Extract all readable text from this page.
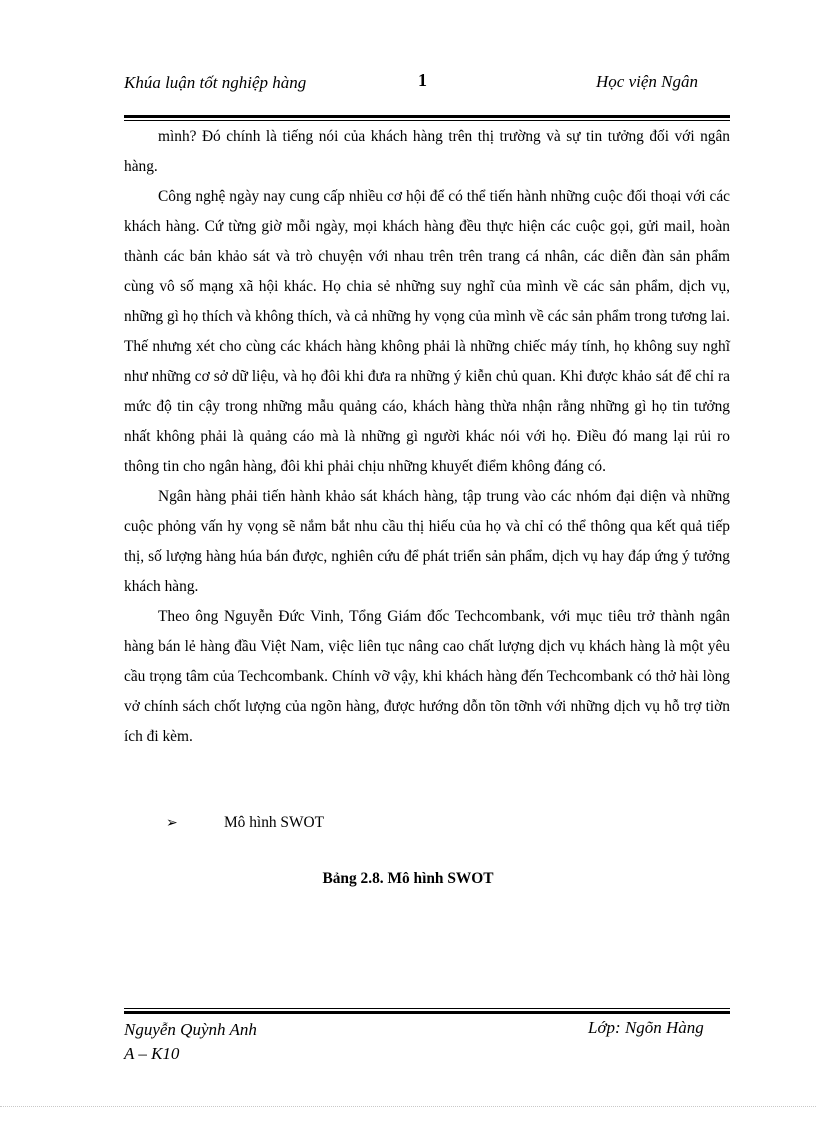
Khúa luận tốt nghiệp hàng	1	Học viện Ngân

mình? Đó chính là tiếng nói của khách hàng trên thị trường và sự tin tưởng đối với ngân hàng.

Công nghệ ngày nay cung cấp nhiều cơ hội để có thể tiến hành những cuộc đối thoại với các khách hàng. Cứ từng giờ mỗi ngày, mọi khách hàng đều thực hiện các cuộc gọi, gửi mail, hoàn thành các bản khảo sát và trò chuyện với nhau trên trên trang cá nhân, các diễn đàn sản phẩm cùng vô số mạng xã hội khác. Họ chia sẻ những suy nghĩ của mình về các sản phẩm, dịch vụ, những gì họ thích và không thích, và cả những hy vọng của mình về các sản phẩm trong tương lai. Thế nhưng xét cho cùng các khách hàng không phải là những chiếc máy tính, họ không suy nghĩ như những cơ sở dữ liệu, và họ đôi khi đưa ra những ý kiễn chủ quan. Khi được khảo sát để chỉ ra mức độ tin cậy trong những mẫu quảng cáo, khách hàng thừa nhận rằng những gì họ tin tưởng nhất không phải là quảng cáo mà là những gì người khác nói với họ. Điều đó mang lại rủi ro thông tin cho ngân hàng, đôi khi phải chịu những khuyết điểm không đáng có.

Ngân hàng phải tiến hành khảo sát khách hàng, tập trung vào các nhóm đại diện và những cuộc phỏng vấn hy vọng sẽ nắm bắt nhu cầu thị hiếu của họ và chỉ có thể thông qua kết quả tiếp thị, số lượng hàng húa bán được, nghiên cứu để phát triển sản phẩm, dịch vụ hay đáp ứng ý tưởng khách hàng.

Theo ông Nguyễn Đức Vinh, Tổng Giám đốc Techcombank, với mục tiêu trở thành ngân hàng bán lẻ hàng đầu Việt Nam, việc liên tục nâng cao chất lượng dịch vụ khách hàng là một yêu cầu trọng tâm của Techcombank. Chính vỡ vậy, khi khách hàng đến Techcombank có thở hài lòng vở chính sách chốt lượng của ngõn hàng, được hướng dỗn tõn tỡnh với những dịch vụ hỗ trợ tiờn ích đi kèm.

➢	Mô hình SWOT
Bảng 2.8. Mô hình SWOT
Nguyễn Quỳnh Anh
A – K10
Lớp: Ngõn Hàng
